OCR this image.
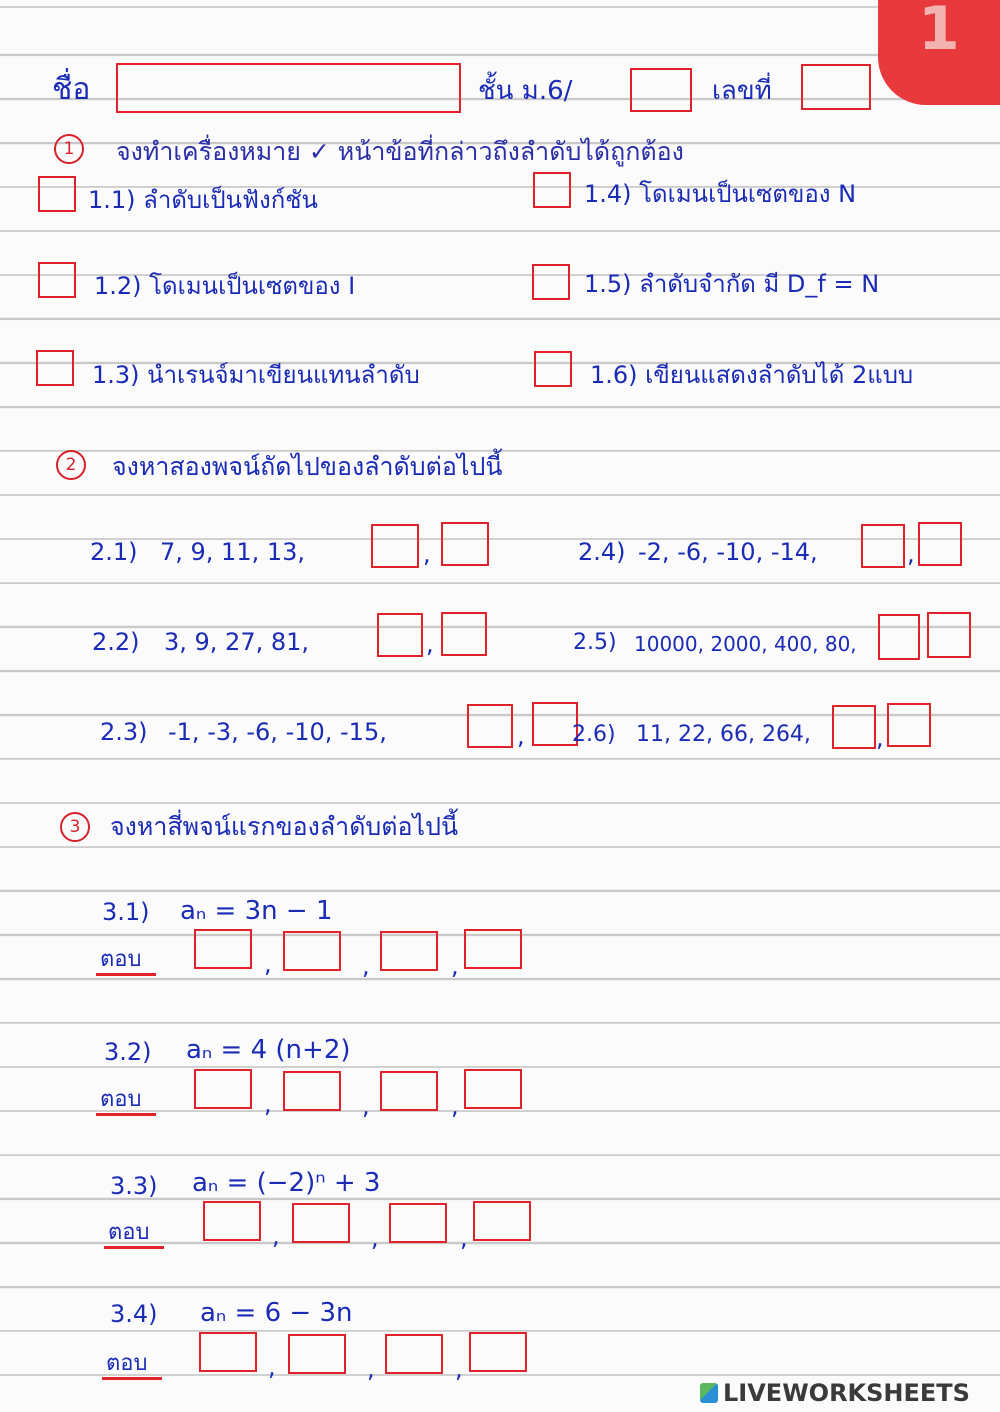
1
ชื่อ	ชั้น ม.6/	เลขที่
1	จงทำเครื่องหมาย ✓ หน้าข้อที่กล่าวถึงลำดับได้ถูกต้อง
1.1) ลำดับเป็นฟังก์ชัน
1.2) โดเมนเป็นเซตของ I
1.3) นำเรนจ์มาเขียนแทนลำดับ
1.4) โดเมนเป็นเซตของ N
1.5) ลำดับจำกัด มี D_f = N
1.6) เขียนแสดงลำดับได้ 2แบบ
2	จงหาสองพจน์ถัดไปของลำดับต่อไปนี้
2.1) 7, 9, 11, 13,	,
2.2) 3, 9, 27, 81,	,
2.3) -1, -3, -6, -10, -15,	,
2.4) -2, -6, -10, -14,	,
2.5) 10000, 2000, 400, 80,
2.6) 11, 22, 66, 264,	,
3	จงหาสี่พจน์แรกของลำดับต่อไปนี้
3.1) aₙ = 3n − 1
ตอบ	,	,	,
3.2) aₙ = 4 (n+2)
ตอบ	,	,	,
3.3) aₙ = (−2)ⁿ + 3
ตอบ	,	,	,
3.4) aₙ = 6 − 3n
ตอบ	,	,	,
LIVEWORKSHEETS
